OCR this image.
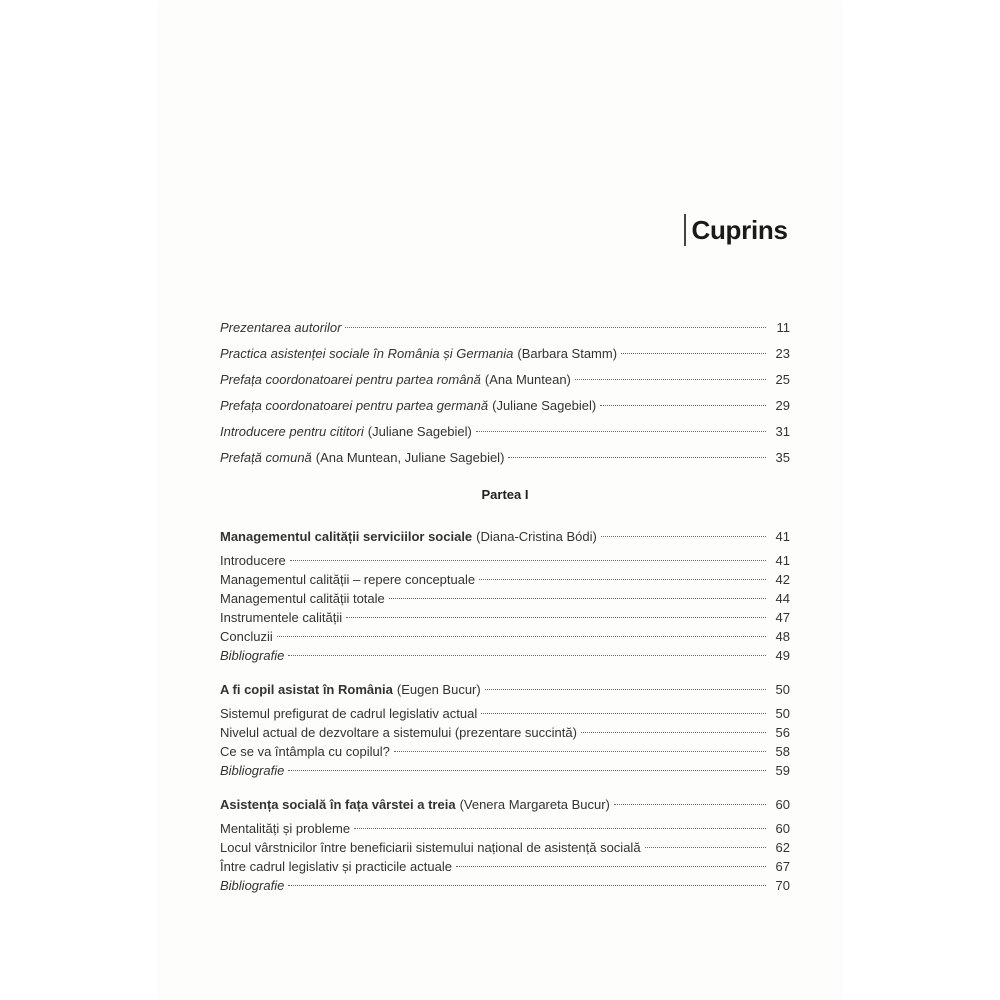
Cuprins
Prezentarea autorilor	11
Practica asistenței sociale în România și Germania (Barbara Stamm)	23
Prefața coordonatoarei pentru partea română (Ana Muntean)	25
Prefața coordonatoarei pentru partea germană (Juliane Sagebiel)	29
Introducere pentru cititori (Juliane Sagebiel)	31
Prefață comună (Ana Muntean, Juliane Sagebiel)	35
Partea I
Managementul calității serviciilor sociale (Diana-Cristina Bódi)	41
Introducere	41
Managementul calității – repere conceptuale	42
Managementul calității totale	44
Instrumentele calității	47
Concluzii	48
Bibliografie	49
A fi copil asistat în România (Eugen Bucur)	50
Sistemul prefigurat de cadrul legislativ actual	50
Nivelul actual de dezvoltare a sistemului (prezentare succintă)	56
Ce se va întâmpla cu copilul?	58
Bibliografie	59
Asistența socială în fața vârstei a treia (Venera Margareta Bucur)	60
Mentalități și probleme	60
Locul vârstnicilor între beneficiarii sistemului național de asistență socială	62
Între cadrul legislativ și practicile actuale	67
Bibliografie	70
